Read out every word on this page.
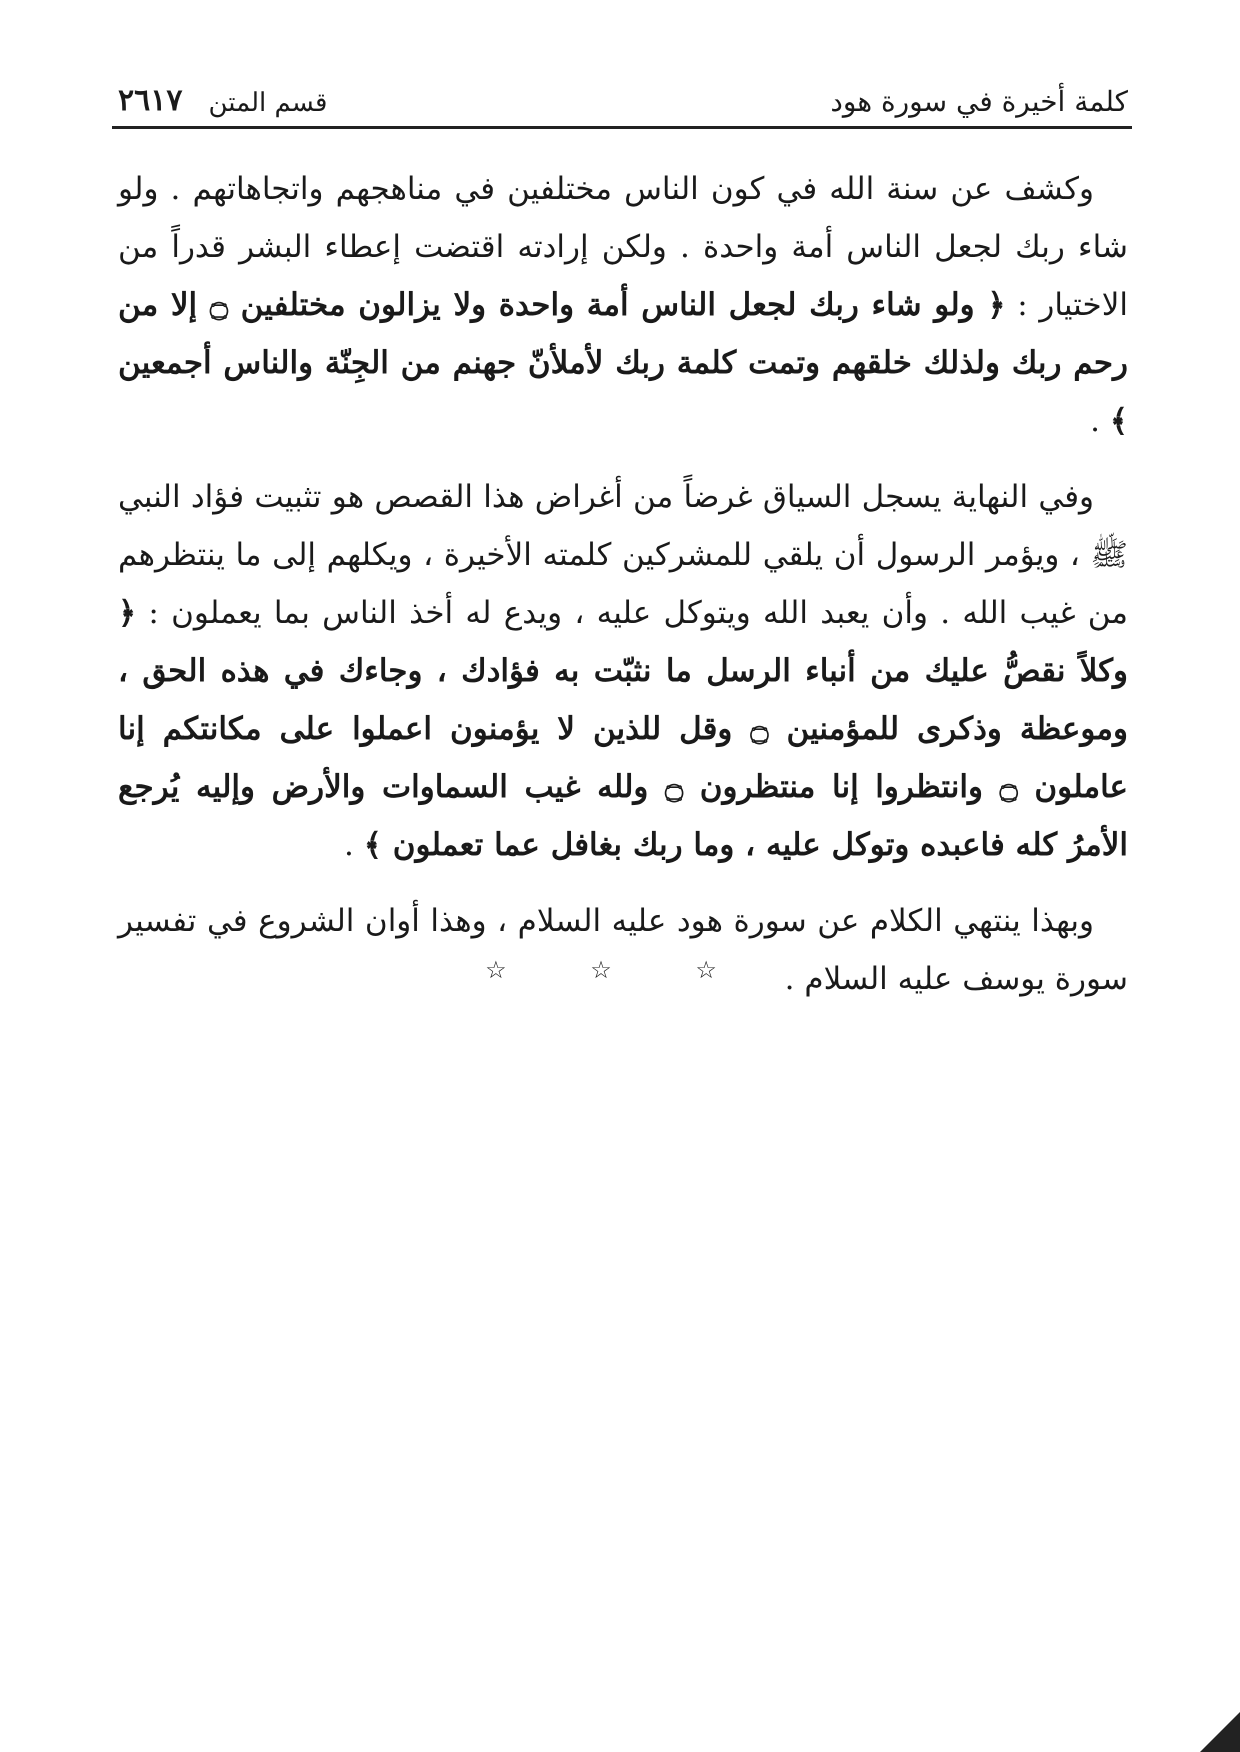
كلمة أخيرة في سورة هود
قسم المتن
٢٦١٧

وكشف عن سنة الله في كون الناس مختلفين في مناهجهم واتجاهاتهم . ولو شاء ربك لجعل الناس أمة واحدة . ولكن إرادته اقتضت إعطاء البشر قدراً من الاختيار : ﴿ ولو شاء ربك لجعل الناس أمة واحدة ولا يزالون مختلفين ۝ إلا من رحم ربك ولذلك خلقهم وتمت كلمة ربك لأملأنّ جهنم من الجِنّة والناس أجمعين ﴾ .

وفي النهاية يسجل السياق غرضاً من أغراض هذا القصص هو تثبيت فؤاد النبي ﷺ ، ويؤمر الرسول أن يلقي للمشركين كلمته الأخيرة ، ويكلهم إلى ما ينتظرهم من غيب الله . وأن يعبد الله ويتوكل عليه ، ويدع له أخذ الناس بما يعملون : ﴿ وكلاً نقصُّ عليك من أنباء الرسل ما نثبّت به فؤادك ، وجاءك في هذه الحق ، وموعظة وذكرى للمؤمنين ۝ وقل للذين لا يؤمنون اعملوا على مكانتكم إنا عاملون ۝ وانتظروا إنا منتظرون ۝ ولله غيب السماوات والأرض وإليه يُرجع الأمرُ كله فاعبده وتوكل عليه ، وما ربك بغافل عما تعملون ﴾ .

وبهذا ينتهي الكلام عن سورة هود عليه السلام ، وهذا أوان الشروع في تفسير سورة يوسف عليه السلام .

☆ ☆ ☆
